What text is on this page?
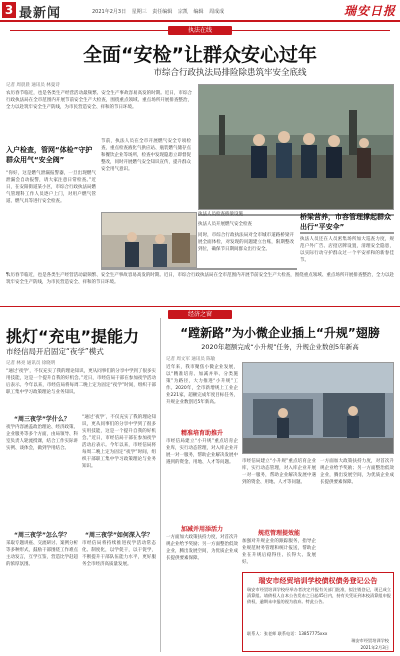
3 最新闻	2021年2月3日 星期三 责任编辑 宗凯 编辑 周成成	瑞安日报
执法在线
全面“安检”让群众安心过年
市综合行政执法局排险除患筑牢安全底线
记者 周晨晨 通讯员 林曼诗
农历春节临近，也是各类生产经营活动最频繁、安全生产事故容易高发的时期。近日，市综合行政执法局在全市范围内开展节前安全生产大检查，围绕重点领域、重点场所开展排查整治，全力以赴筑牢安全生产防线，为市民营造安全、祥和的节日环境。
入户检查，管网“体检”守护群众用气“安全阀”
“你好，这是燃气泄漏报警器，一旦出现燃气泄漏会自动报警，请大家注意日常检查。”近日，在安阳街道某小区，市综合行政执法局燃气管理科工作人员逐户上门，对用户燃气管道、燃气具等进行安全检查。
节前，执法人员在全市开展燃气安全专项检查，重点检查液化气供应站、瓶装燃气储存点和餐饮企业等场所，检查中发现隐患立即督促整改，同时开展燃气安全知识宣传，提升群众安全用气意识。
执法人员检查桥梁设施
执法人员开展燃气安全检查
同时，市综合行政执法局对全市城市道路桥梁开展全面体检，对发现的问题建立台账，限期整改到位，确保节日期间群众出行安全。
桥梁营养，市容管理撑起群众出行“平安伞”
执法人员还在人员密集场所加大巡查力度，规范户外广告、店招店牌设置，清理安全隐患，以实际行动守护群众过一个平安祥和的新春佳节。
农历春节临近，也是各类生产经营活动最频繁、安全生产事故容易高发的时期。近日，市综合行政执法局在全市范围内开展节前安全生产大检查，围绕重点领域、重点场所开展排查整治，全力以赴筑牢安全生产防线，为市民营造安全、祥和的节日环境。
经济之窗
挑灯“充电”提能力
市经信局开启固定“夜学”模式
记者 林亮 通讯员 徐晓明
“通过‘夜学’，不仅充实了我的理论知识，更从同事们的分享中学到了很多实用技能，这是一个提升自我的好机会。”近日，市经信局干部在参加夜学活动后表示。今年以来，市经信局将每周二晚上定为固定“夜学”时间，组织干部职工集中学习政策理论与业务知识。
“周三夜学”学什么？
夜学内容涵盖政治理论、经济政策、企业服务等多个方面，由局领导、科室负责人轮流授课，结合工作实际讲实例、谈体会，做到学用结合。
“周三夜学”怎么学？
采取专题讲座、交流研讨、案例分析等多种形式，鼓励干部围绕工作难点主动发言，互学互鉴，营造比学赶超的浓厚氛围。
“通过‘夜学’，不仅充实了我的理论知识，更从同事们的分享中学到了很多实用技能，这是一个提升自我的好机会。”近日，市经信局干部在参加夜学活动后表示。今年以来，市经信局将每周二晚上定为固定“夜学”时间，组织干部职工集中学习政策理论与业务知识。
“周三夜学”如何深入学？
市经信局将持续推进夜学活动常态化、制度化，以学促干，以干促学，不断提升干部队伍能力水平，更好服务全市经济高质量发展。
“蹚新路”为小微企业插上“升规”翅膀
2020年超额完成“小升规”任务，升规企业数创5年新高
记者 周文军 通讯员 陈敏
近年来，我市聚焦小微企业发展，以“精准培育、加减并举、分类施策”为路径，大力推进“小升规”工作。2020年，全市新增规上工业企业221家，超额完成年度目标任务，升规企业数创近5年新高。
精准培育助推升
市经信局建立“小升规”重点培育企业库，实行动态管理，对入库企业开展一对一服务，帮助企业解决发展中遇到的资金、用地、人才等问题。
加减并用添活力
一方面加大政策扶持力度，对首次升规企业给予奖励；另一方面整治低效企业，腾出发展空间，为优质企业成长提供要素保障。
市经信局建立“小升规”重点培育企业库，实行动态管理，对入库企业开展一对一服务，帮助企业解决发展中遇到的资金、用地、人才等问题。
一方面加大政策扶持力度，对首次升规企业给予奖励；另一方面整治低效企业，腾出发展空间，为优质企业成长提供要素保障。
规范管理提效能
加强对升规企业的跟踪服务，指导企业规范财务管理和统计报送，帮助企业在升规后稳得住、长得大、发展好。
瑞安市经贸培训学校债权债务登记公告
瑞安市经贸培训学校经举办者决定并报有关部门批准，拟注销登记，现已成立清算组。请债权人自本公告发布之日起45日内，持有关凭证到本校清算组申报债权，逾期未申报的视为放弃。特此公告。
联系人：张老师 联系电话：13857775xxx
瑞安市经贸培训学校
2021年2月3日
